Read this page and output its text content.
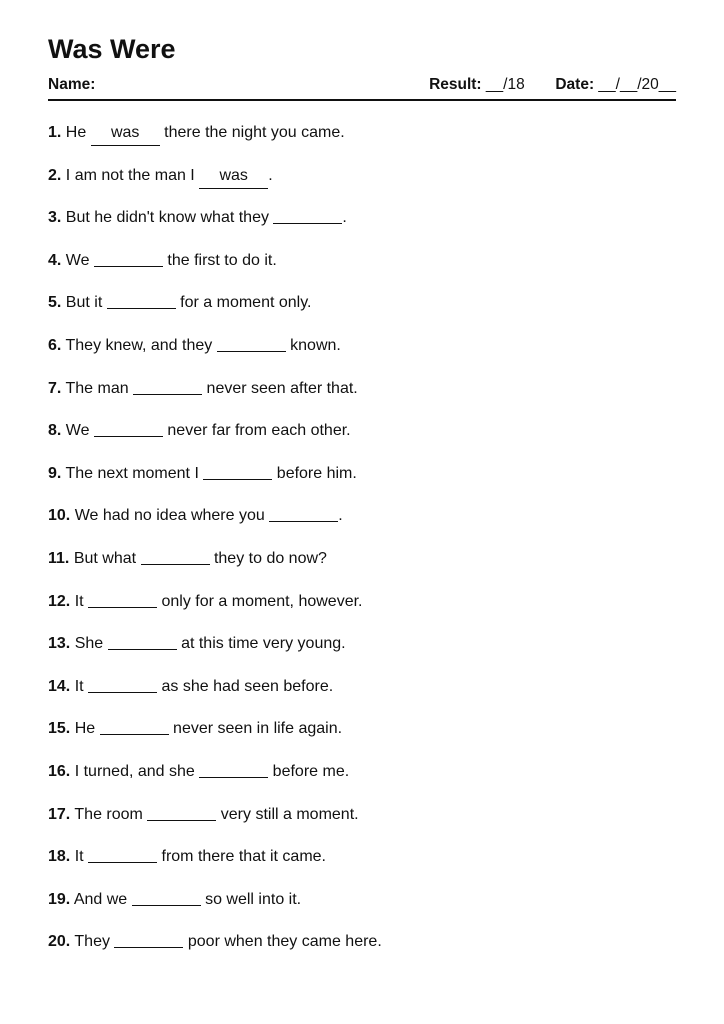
Was Were
Name:	Result: __/18 Date: __/__/20__
1. He was there the night you came.
2. I am not the man I was .
3. But he didn't know what they	.
4. We	the first to do it.
5. But it	for a moment only.
6. They knew, and they	known.
7. The man	never seen after that.
8. We	never far from each other.
9. The next moment I	before him.
10. We had no idea where you	.
11. But what	they to do now?
12. It	only for a moment, however.
13. She	at this time very young.
14. It	as she had seen before.
15. He	never seen in life again.
16. I turned, and she	before me.
17. The room	very still a moment.
18. It	from there that it came.
19. And we	so well into it.
20. They	poor when they came here.
